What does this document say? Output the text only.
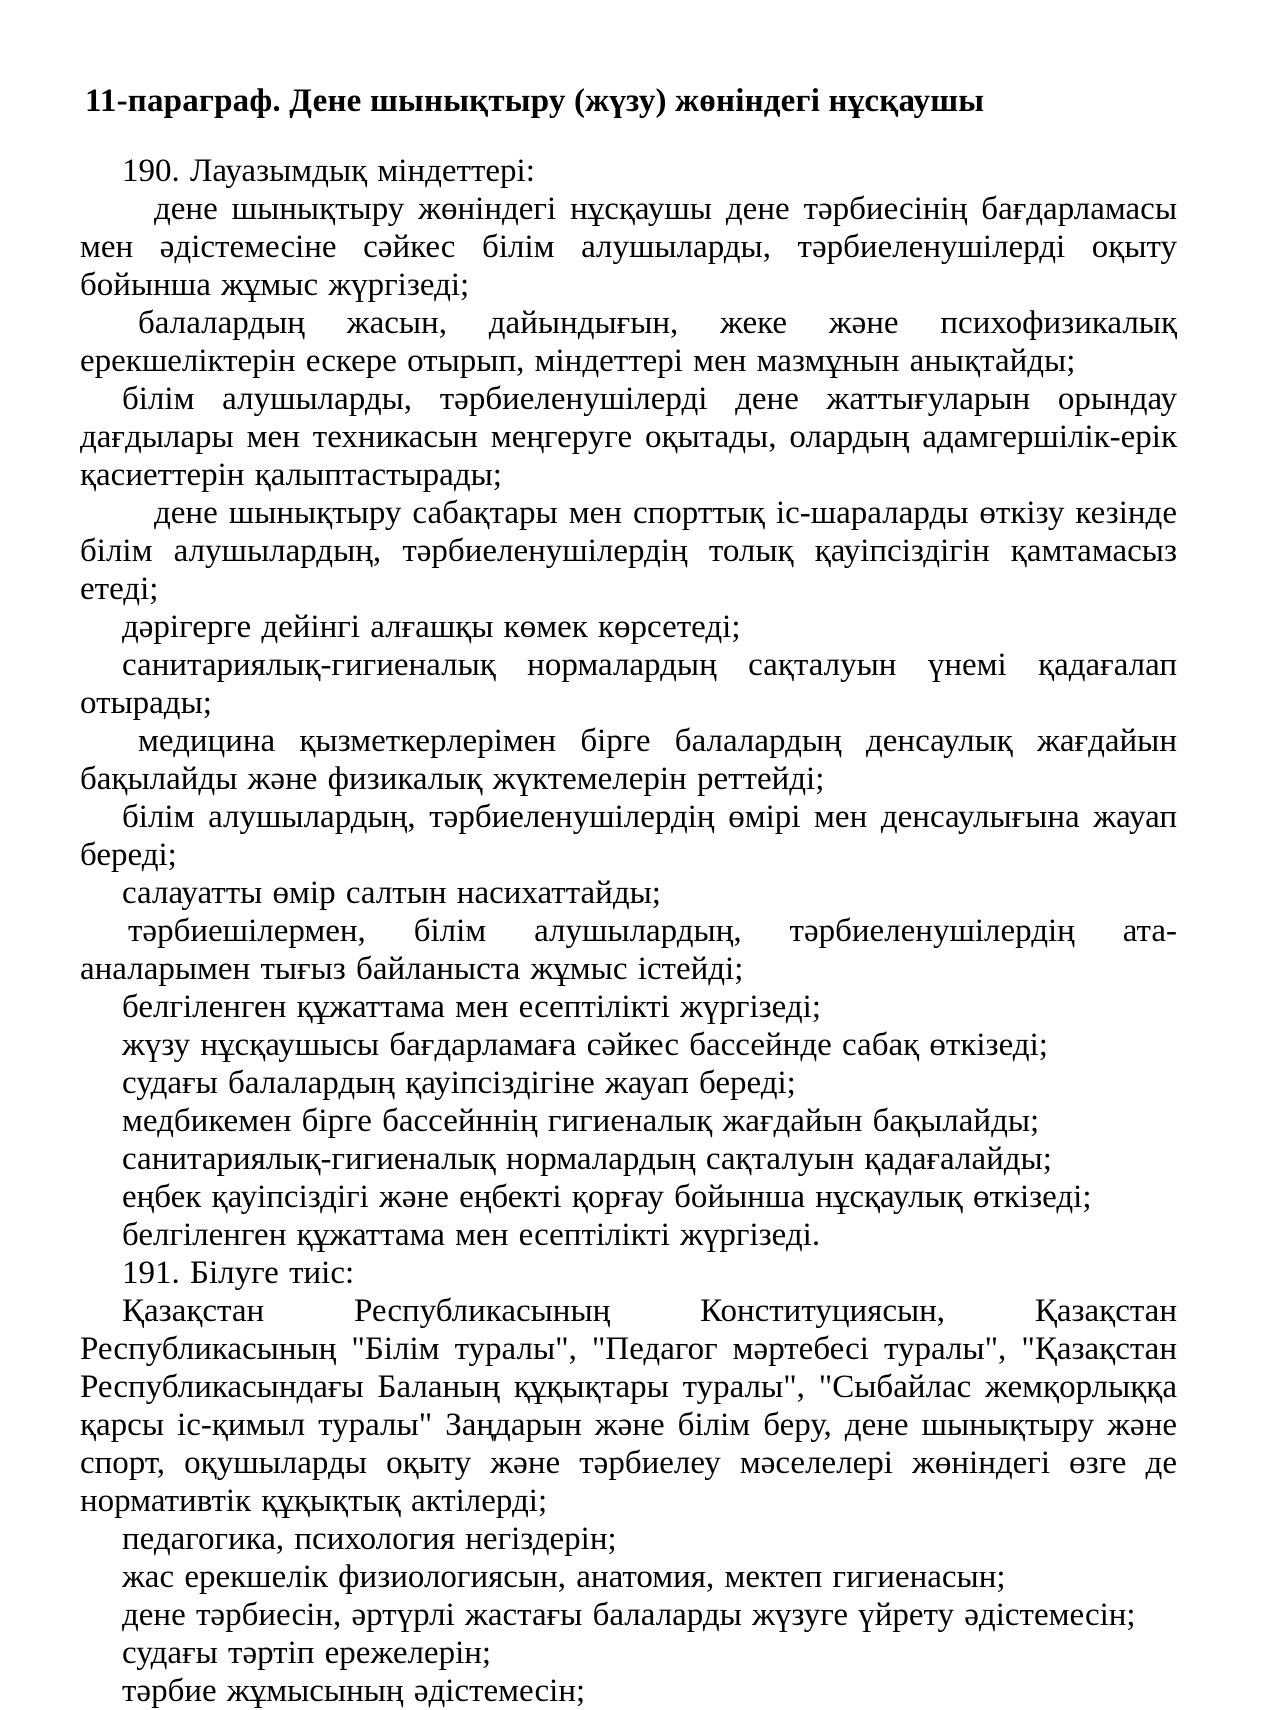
11-параграф. Дене шынықтыру (жүзу) жөніндегі нұсқаушы

190. Лауазымдық міндеттері:

дене шынықтыру жөніндегі нұсқаушы дене тәрбиесінің бағдарламасы мен әдістемесіне сәйкес білім алушыларды, тәрбиеленушілерді оқыту бойынша жұмыс жүргізеді;

балалардың жасын, дайындығын, жеке және психофизикалық ерекшеліктерін ескере отырып, міндеттері мен мазмұнын анықтайды;

білім алушыларды, тәрбиеленушілерді дене жаттығуларын орындау дағдылары мен техникасын меңгеруге оқытады, олардың адамгершілік-ерік қасиеттерін қалыптастырады;

дене шынықтыру сабақтары мен спорттық іс-шараларды өткізу кезінде білім алушылардың, тәрбиеленушілердің толық қауіпсіздігін қамтамасыз етеді;

дәрігерге дейінгі алғашқы көмек көрсетеді;

санитариялық-гигиеналық нормалардың сақталуын үнемі қадағалап отырады;

медицина қызметкерлерімен бірге балалардың денсаулық жағдайын бақылайды және физикалық жүктемелерін реттейді;

білім алушылардың, тәрбиеленушілердің өмірі мен денсаулығына жауап береді;

салауатты өмір салтын насихаттайды;

тәрбиешілермен, білім алушылардың, тәрбиеленушілердің ата-аналарымен тығыз байланыста жұмыс істейді;

белгіленген құжаттама мен есептілікті жүргізеді;

жүзу нұсқаушысы бағдарламаға сәйкес бассейнде сабақ өткізеді;

судағы балалардың қауіпсіздігіне жауап береді;

медбикемен бірге бассейннің гигиеналық жағдайын бақылайды;

санитариялық-гигиеналық нормалардың сақталуын қадағалайды;

еңбек қауіпсіздігі және еңбекті қорғау бойынша нұсқаулық өткізеді;

белгіленген құжаттама мен есептілікті жүргізеді.

191. Білуге тиіс:

Қазақстан Республикасының Конституциясын, Қазақстан Республикасының "Білім туралы", "Педагог мәртебесі туралы", "Қазақстан Республикасындағы Баланың құқықтары туралы", "Сыбайлас жемқорлыққа қарсы іс-қимыл туралы" Заңдарын және білім беру, дене шынықтыру және спорт, оқушыларды оқыту және тәрбиелеу мәселелері жөніндегі өзге де нормативтік құқықтық актілерді;

педагогика, психология негіздерін;

жас ерекшелік физиологиясын, анатомия, мектеп гигиенасын;

дене тәрбиесін, әртүрлі жастағы балаларды жүзуге үйрету әдістемесін;

судағы тәртіп ережелерін;

тәрбие жұмысының әдістемесін;
